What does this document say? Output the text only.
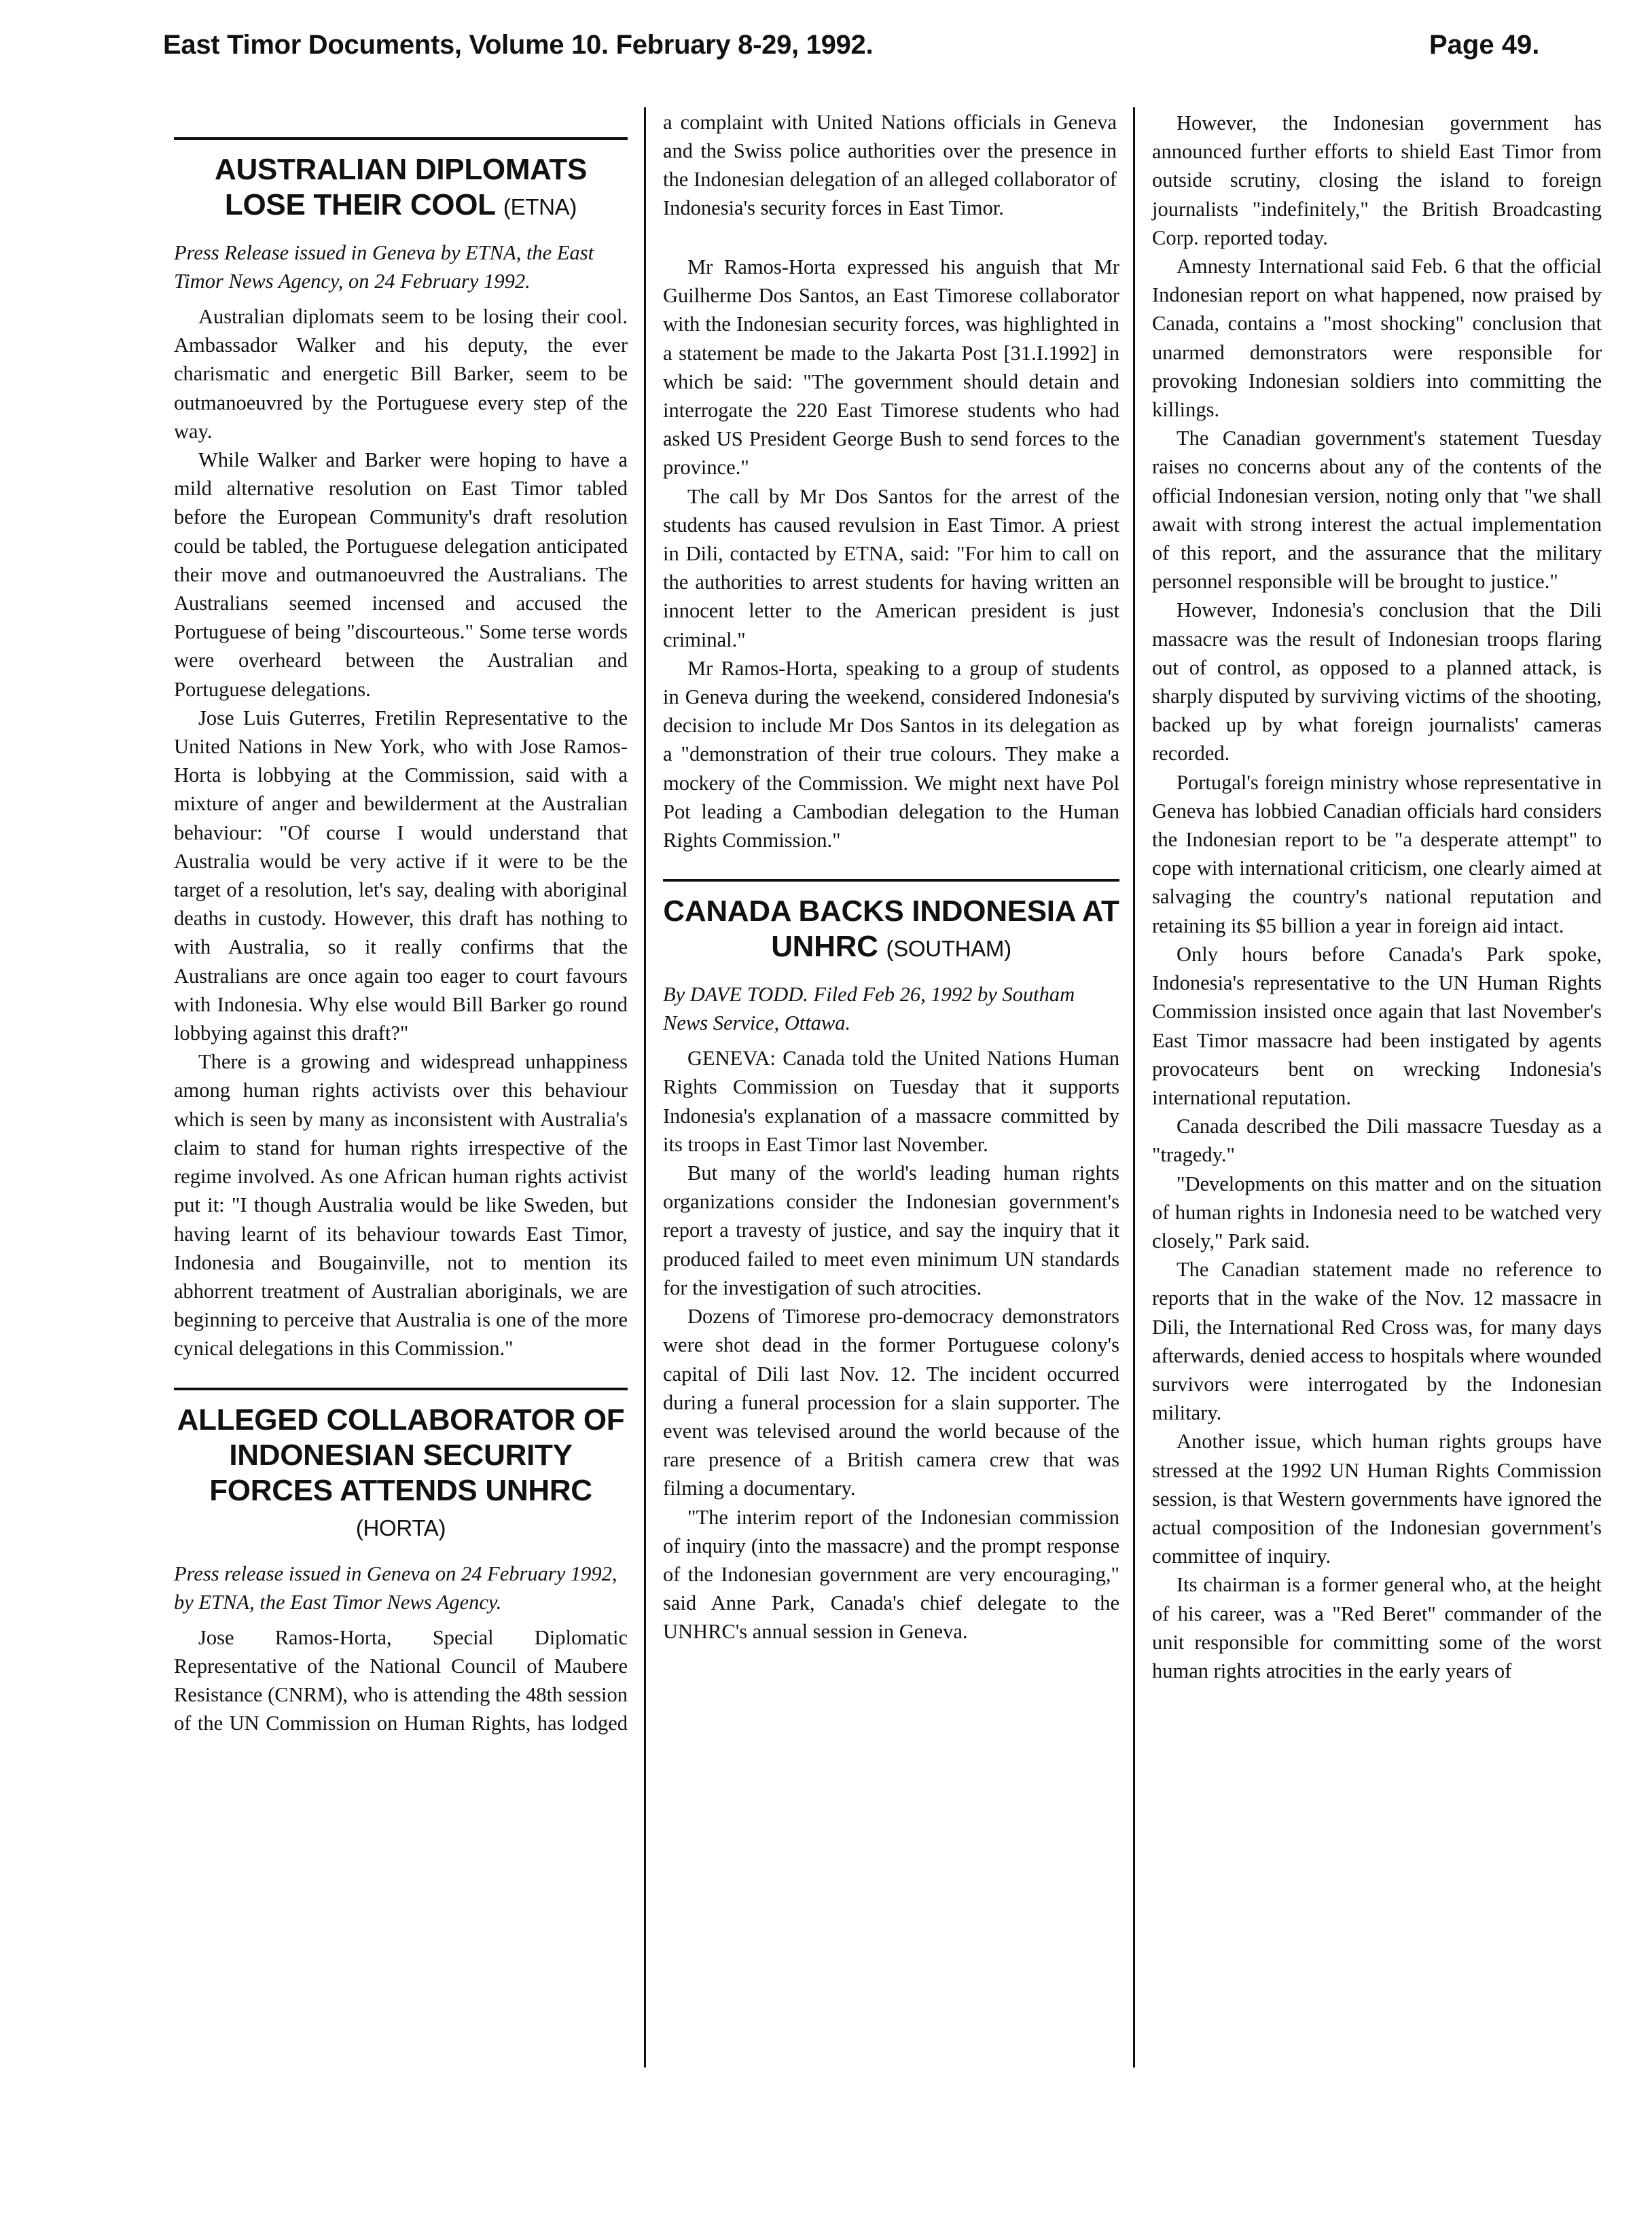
East Timor Documents, Volume 10. February 8-29, 1992.	Page 49.
AUSTRALIAN DIPLOMATS LOSE THEIR COOL (ETNA)
Press Release issued in Geneva by ETNA, the East Timor News Agency, on 24 February 1992.

Australian diplomats seem to be losing their cool. Ambassador Walker and his deputy, the ever charismatic and energetic Bill Barker, seem to be outmanoeuvred by the Portuguese every step of the way.

While Walker and Barker were hoping to have a mild alternative resolution on East Timor tabled before the European Community's draft resolution could be tabled, the Portuguese delegation anticipated their move and outmanoeuvred the Australians. The Australians seemed incensed and accused the Portuguese of being "discourteous." Some terse words were overheard between the Australian and Portuguese delegations.

Jose Luis Guterres, Fretilin Representative to the United Nations in New York, who with Jose Ramos-Horta is lobbying at the Commission, said with a mixture of anger and bewilderment at the Australian behaviour: "Of course I would understand that Australia would be very active if it were to be the target of a resolution, let's say, dealing with aboriginal deaths in custody. However, this draft has nothing to with Australia, so it really confirms that the Australians are once again too eager to court favours with Indonesia. Why else would Bill Barker go round lobbying against this draft?"

There is a growing and widespread unhappiness among human rights activists over this behaviour which is seen by many as inconsistent with Australia's claim to stand for human rights irrespective of the regime involved. As one African human rights activist put it: "I though Australia would be like Sweden, but having learnt of its behaviour towards East Timor, Indonesia and Bougainville, not to mention its abhorrent treatment of Australian aboriginals, we are beginning to perceive that Australia is one of the more cynical delegations in this Commission."

ALLEGED COLLABORATOR OF INDONESIAN SECURITY FORCES ATTENDS UNHRC
(HORTA)
Press release issued in Geneva on 24 February 1992, by ETNA, the East Timor News Agency.

Jose Ramos-Horta, Special Diplomatic Representative of the National Council of Maubere Resistance (CNRM), who is attending the 48th session of the UN Commission on Human Rights, has lodged

a complaint with United Nations officials in Geneva and the Swiss police authorities over the presence in the Indonesian delegation of an alleged collaborator of Indonesia's security forces in East Timor.

Mr Ramos-Horta expressed his anguish that Mr Guilherme Dos Santos, an East Timorese collaborator with the Indonesian security forces, was highlighted in a statement be made to the Jakarta Post [31.I.1992] in which be said: "The government should detain and interrogate the 220 East Timorese students who had asked US President George Bush to send forces to the province."

The call by Mr Dos Santos for the arrest of the students has caused revulsion in East Timor. A priest in Dili, contacted by ETNA, said: "For him to call on the authorities to arrest students for having written an innocent letter to the American president is just criminal."

Mr Ramos-Horta, speaking to a group of students in Geneva during the weekend, considered Indonesia's decision to include Mr Dos Santos in its delegation as a "demonstration of their true colours. They make a mockery of the Commission. We might next have Pol Pot leading a Cambodian delegation to the Human Rights Commission."

CANADA BACKS INDONESIA AT UNHRC (SOUTHAM)
By DAVE TODD. Filed Feb 26, 1992 by Southam News Service, Ottawa.

GENEVA: Canada told the United Nations Human Rights Commission on Tuesday that it supports Indonesia's explanation of a massacre committed by its troops in East Timor last November.

But many of the world's leading human rights organizations consider the Indonesian government's report a travesty of justice, and say the inquiry that it produced failed to meet even minimum UN standards for the investigation of such atrocities.

Dozens of Timorese pro-democracy demonstrators were shot dead in the former Portuguese colony's capital of Dili last Nov. 12. The incident occurred during a funeral procession for a slain supporter. The event was televised around the world because of the rare presence of a British camera crew that was filming a documentary.

"The interim report of the Indonesian commission of inquiry (into the massacre) and the prompt response of the Indonesian government are very encouraging," said Anne Park, Canada's chief delegate to the UNHRC's annual session in Geneva.

However, the Indonesian government has announced further efforts to shield East Timor from outside scrutiny, closing the island to foreign journalists "indefinitely," the British Broadcasting Corp. reported today.

Amnesty International said Feb. 6 that the official Indonesian report on what happened, now praised by Canada, contains a "most shocking" conclusion that unarmed demonstrators were responsible for provoking Indonesian soldiers into committing the killings.

The Canadian government's statement Tuesday raises no concerns about any of the contents of the official Indonesian version, noting only that "we shall await with strong interest the actual implementation of this report, and the assurance that the military personnel responsible will be brought to justice."

However, Indonesia's conclusion that the Dili massacre was the result of Indonesian troops flaring out of control, as opposed to a planned attack, is sharply disputed by surviving victims of the shooting, backed up by what foreign journalists' cameras recorded.

Portugal's foreign ministry whose representative in Geneva has lobbied Canadian officials hard considers the Indonesian report to be "a desperate attempt" to cope with international criticism, one clearly aimed at salvaging the country's national reputation and retaining its $5 billion a year in foreign aid intact.

Only hours before Canada's Park spoke, Indonesia's representative to the UN Human Rights Commission insisted once again that last November's East Timor massacre had been instigated by agents provocateurs bent on wrecking Indonesia's international reputation.

Canada described the Dili massacre Tuesday as a "tragedy."

"Developments on this matter and on the situation of human rights in Indonesia need to be watched very closely," Park said.

The Canadian statement made no reference to reports that in the wake of the Nov. 12 massacre in Dili, the International Red Cross was, for many days afterwards, denied access to hospitals where wounded survivors were interrogated by the Indonesian military.

Another issue, which human rights groups have stressed at the 1992 UN Human Rights Commission session, is that Western governments have ignored the actual composition of the Indonesian government's committee of inquiry.

Its chairman is a former general who, at the height of his career, was a "Red Beret" commander of the unit responsible for committing some of the worst human rights atrocities in the early years of
